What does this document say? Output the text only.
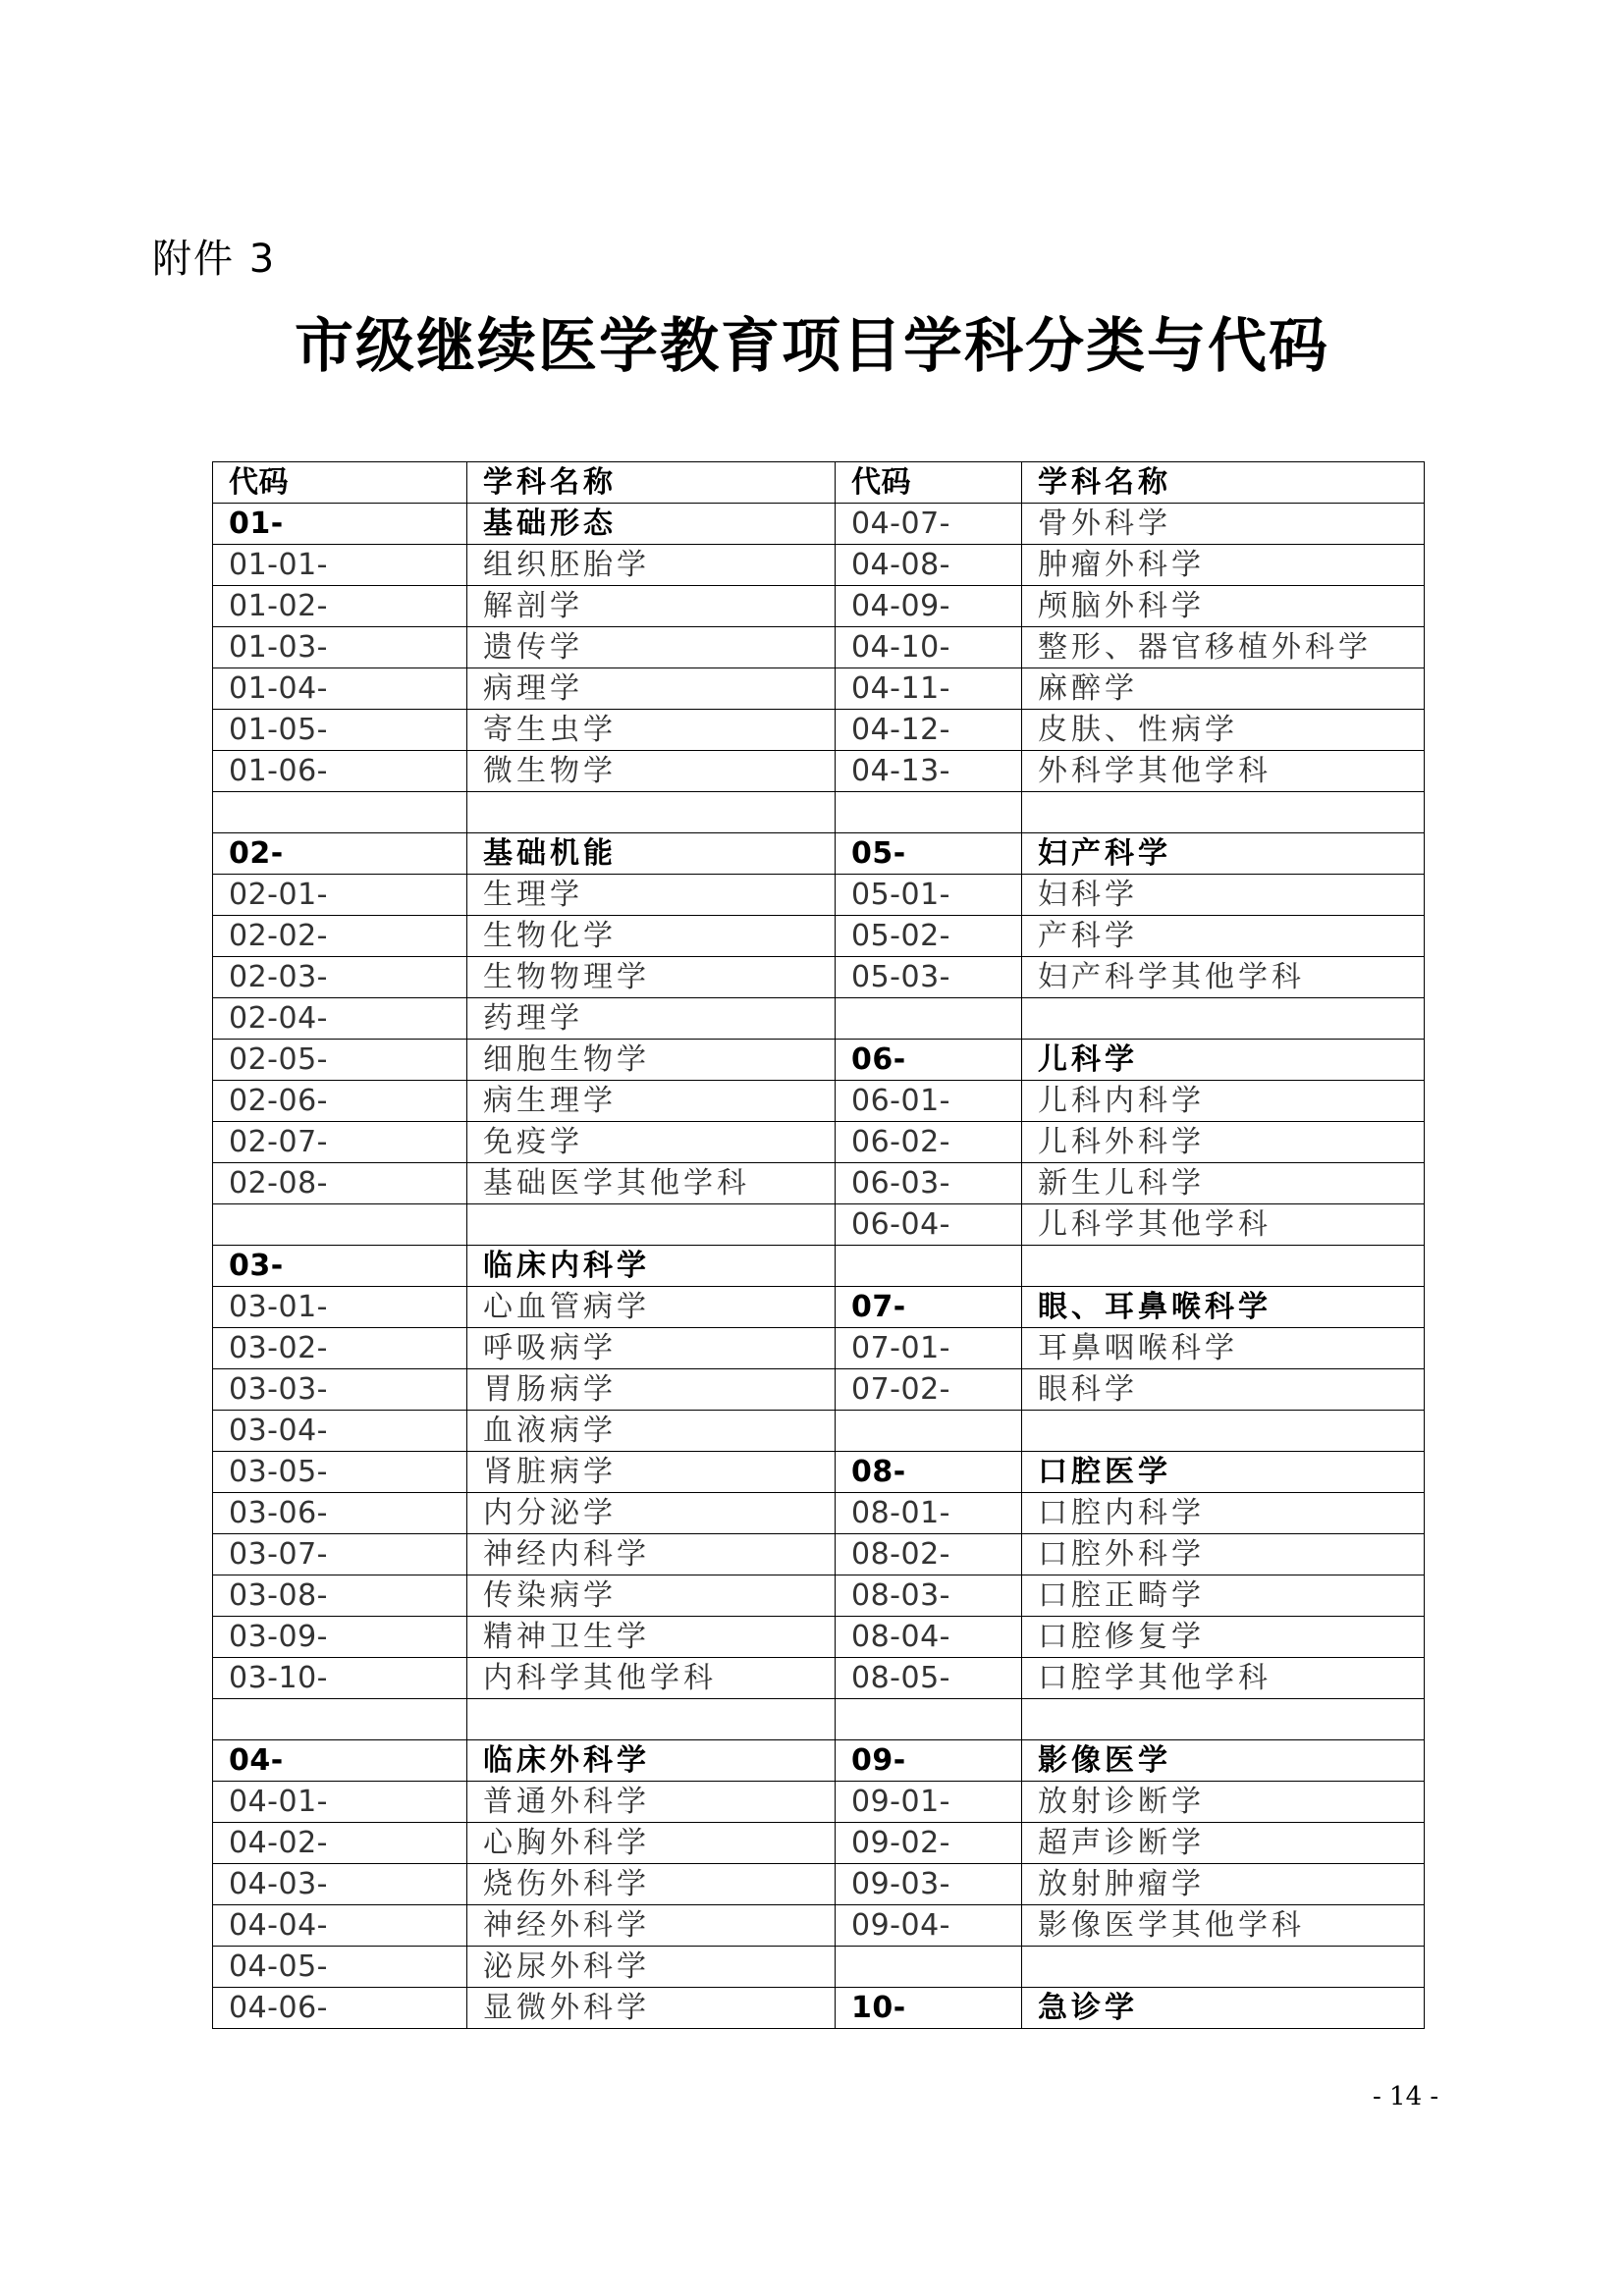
附件 3
市级继续医学教育项目学科分类与代码
代码	学科名称	代码	学科名称
01-	基础形态	04-07-	骨外科学
01-01-	组织胚胎学	04-08-	肿瘤外科学
01-02-	解剖学	04-09-	颅脑外科学
01-03-	遗传学	04-10-	整形、器官移植外科学
01-04-	病理学	04-11-	麻醉学
01-05-	寄生虫学	04-12-	皮肤、性病学
01-06-	微生物学	04-13-	外科学其他学科

02-	基础机能	05-	妇产科学
02-01-	生理学	05-01-	妇科学
02-02-	生物化学	05-02-	产科学
02-03-	生物物理学	05-03-	妇产科学其他学科
02-04-	药理学		
02-05-	细胞生物学	06-	儿科学
02-06-	病生理学	06-01-	儿科内科学
02-07-	免疫学	06-02-	儿科外科学
02-08-	基础医学其他学科	06-03-	新生儿科学
		06-04-	儿科学其他学科
03-	临床内科学		
03-01-	心血管病学	07-	眼、耳鼻喉科学
03-02-	呼吸病学	07-01-	耳鼻咽喉科学
03-03-	胃肠病学	07-02-	眼科学
03-04-	血液病学		
03-05-	肾脏病学	08-	口腔医学
03-06-	内分泌学	08-01-	口腔内科学
03-07-	神经内科学	08-02-	口腔外科学
03-08-	传染病学	08-03-	口腔正畸学
03-09-	精神卫生学	08-04-	口腔修复学
03-10-	内科学其他学科	08-05-	口腔学其他学科

04-	临床外科学	09-	影像医学
04-01-	普通外科学	09-01-	放射诊断学
04-02-	心胸外科学	09-02-	超声诊断学
04-03-	烧伤外科学	09-03-	放射肿瘤学
04-04-	神经外科学	09-04-	影像医学其他学科
04-05-	泌尿外科学		
04-06-	显微外科学	10-	急诊学
- 14 -
